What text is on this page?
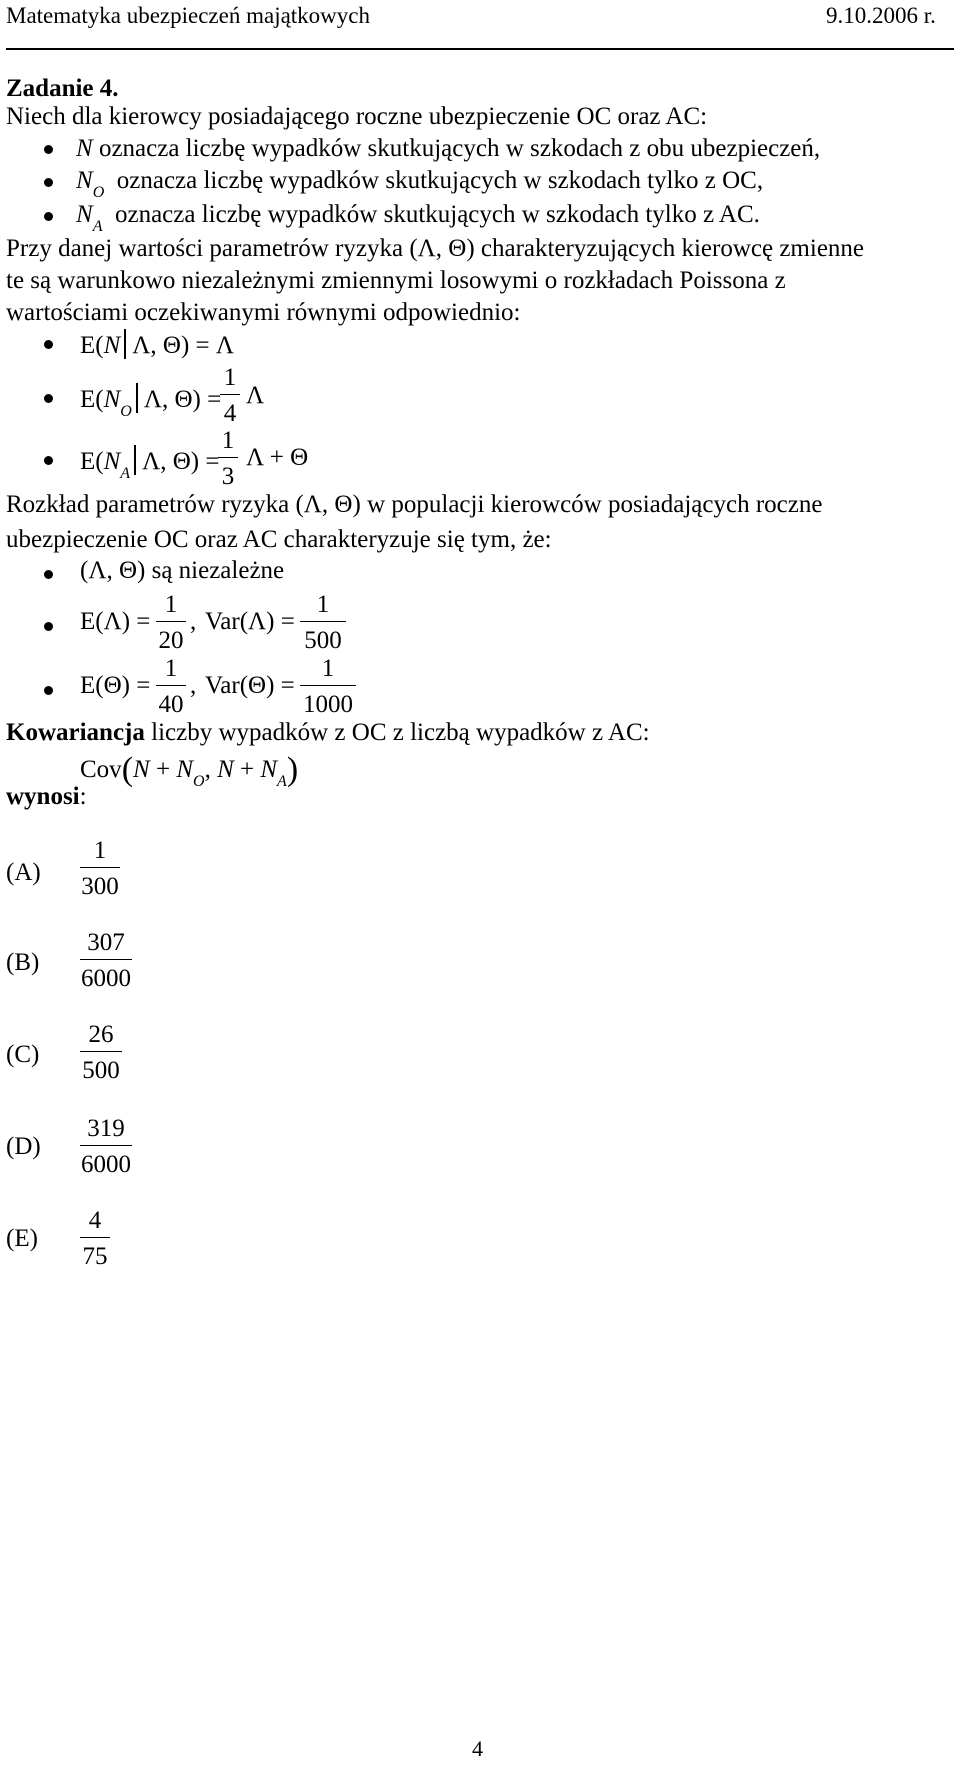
Matematyka ubezpieczeń majątkowych	9.10.2006 r.
Zadanie 4.
Niech dla kierowcy posiadającego roczne ubezpieczenie OC oraz AC:
N oznacza liczbę wypadków skutkujących w szkodach z obu ubezpieczeń,
$N_O$ oznacza liczbę wypadków skutkujących w szkodach tylko z OC,
$N_A$ oznacza liczbę wypadków skutkujących w szkodach tylko z AC.
Przy danej wartości parametrów ryzyka (Λ, Θ) charakteryzujących kierowcę zmienne
te są warunkowo niezależnymi zmiennymi losowymi o rozkładach Poissona z
wartościami oczekiwanymi równymi odpowiednio:
E(N Λ, Θ) = Λ
$E(N_O$ Λ, Θ) =
1
4
Λ
$E(N_A$ Λ, Θ) =
1
3
Λ + Θ
Rozkład parametrów ryzyka (Λ, Θ) w populacji kierowców posiadających roczne
ubezpieczenie OC oraz AC charakteryzuje się tym, że:
(Λ, Θ) są niezależne
E(Λ) =
1
20
, Var(Λ) =
1
500
E(Θ) =
1
40
, Var(Θ) =
1
1000
Kowariancja liczby wypadków z OC z liczbą wypadków z AC:
$Cov(N + N_O$, $N + N_A$)
wynosi:
(A)
1
300
(B)
307
6000
(C)
26
500
(D)
319
6000
(E)
4
75
4
